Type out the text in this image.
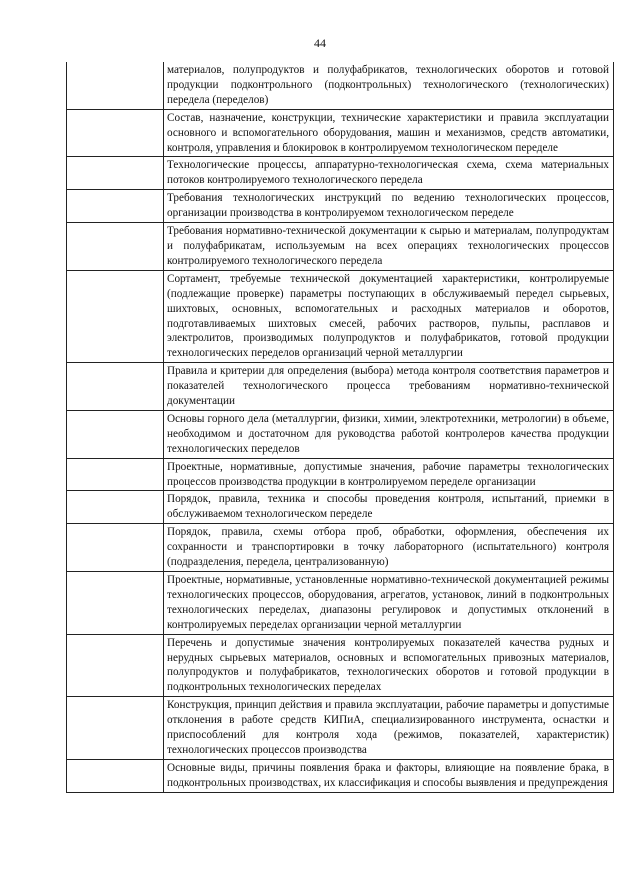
44
материалов, полупродуктов и полуфабрикатов, технологических оборотов и готовой продукции подконтрольного (подконтрольных) технологического (технологических) передела (переделов)
Состав, назначение, конструкции, технические характеристики и правила эксплуатации основного и вспомогательного оборудования, машин и механизмов, средств автоматики, контроля, управления и блокировок в контролируемом технологическом переделе
Технологические процессы, аппаратурно-технологическая схема, схема материальных потоков контролируемого технологического передела
Требования технологических инструкций по ведению технологических процессов, организации производства в контролируемом технологическом переделе
Требования нормативно-технической документации к сырью и материалам, полупродуктам и полуфабрикатам, используемым на всех операциях технологических процессов контролируемого технологического передела
Сортамент, требуемые технической документацией характеристики, контролируемые (подлежащие проверке) параметры поступающих в обслуживаемый передел сырьевых, шихтовых, основных, вспомогательных и расходных материалов и оборотов, подготавливаемых шихтовых смесей, рабочих растворов, пульпы, расплавов и электролитов, производимых полупродуктов и полуфабрикатов, готовой продукции технологических переделов организаций черной металлургии
Правила и критерии для определения (выбора) метода контроля соответствия параметров и показателей технологического процесса требованиям нормативно-технической документации
Основы горного дела (металлургии, физики, химии, электротехники, метрологии) в объеме, необходимом и достаточном для руководства работой контролеров качества продукции технологических переделов
Проектные, нормативные, допустимые значения, рабочие параметры технологических процессов производства продукции в контролируемом переделе организации
Порядок, правила, техника и способы проведения контроля, испытаний, приемки в обслуживаемом технологическом переделе
Порядок, правила, схемы отбора проб, обработки, оформления, обеспечения их сохранности и транспортировки в точку лабораторного (испытательного) контроля (подразделения, передела, централизованную)
Проектные, нормативные, установленные нормативно-технической документацией режимы технологических процессов, оборудования, агрегатов, установок, линий в подконтрольных технологических переделах, диапазоны регулировок и допустимых отклонений в контролируемых переделах организации черной металлургии
Перечень и допустимые значения контролируемых показателей качества рудных и нерудных сырьевых материалов, основных и вспомогательных привозных материалов, полупродуктов и полуфабрикатов, технологических оборотов и готовой продукции в подконтрольных технологических переделах
Конструкция, принцип действия и правила эксплуатации, рабочие параметры и допустимые отклонения в работе средств КИПиА, специализированного инструмента, оснастки и приспособлений для контроля хода (режимов, показателей, характеристик) технологических процессов производства
Основные виды, причины появления брака и факторы, влияющие на появление брака, в подконтрольных производствах, их классификация и способы выявления и предупреждения
